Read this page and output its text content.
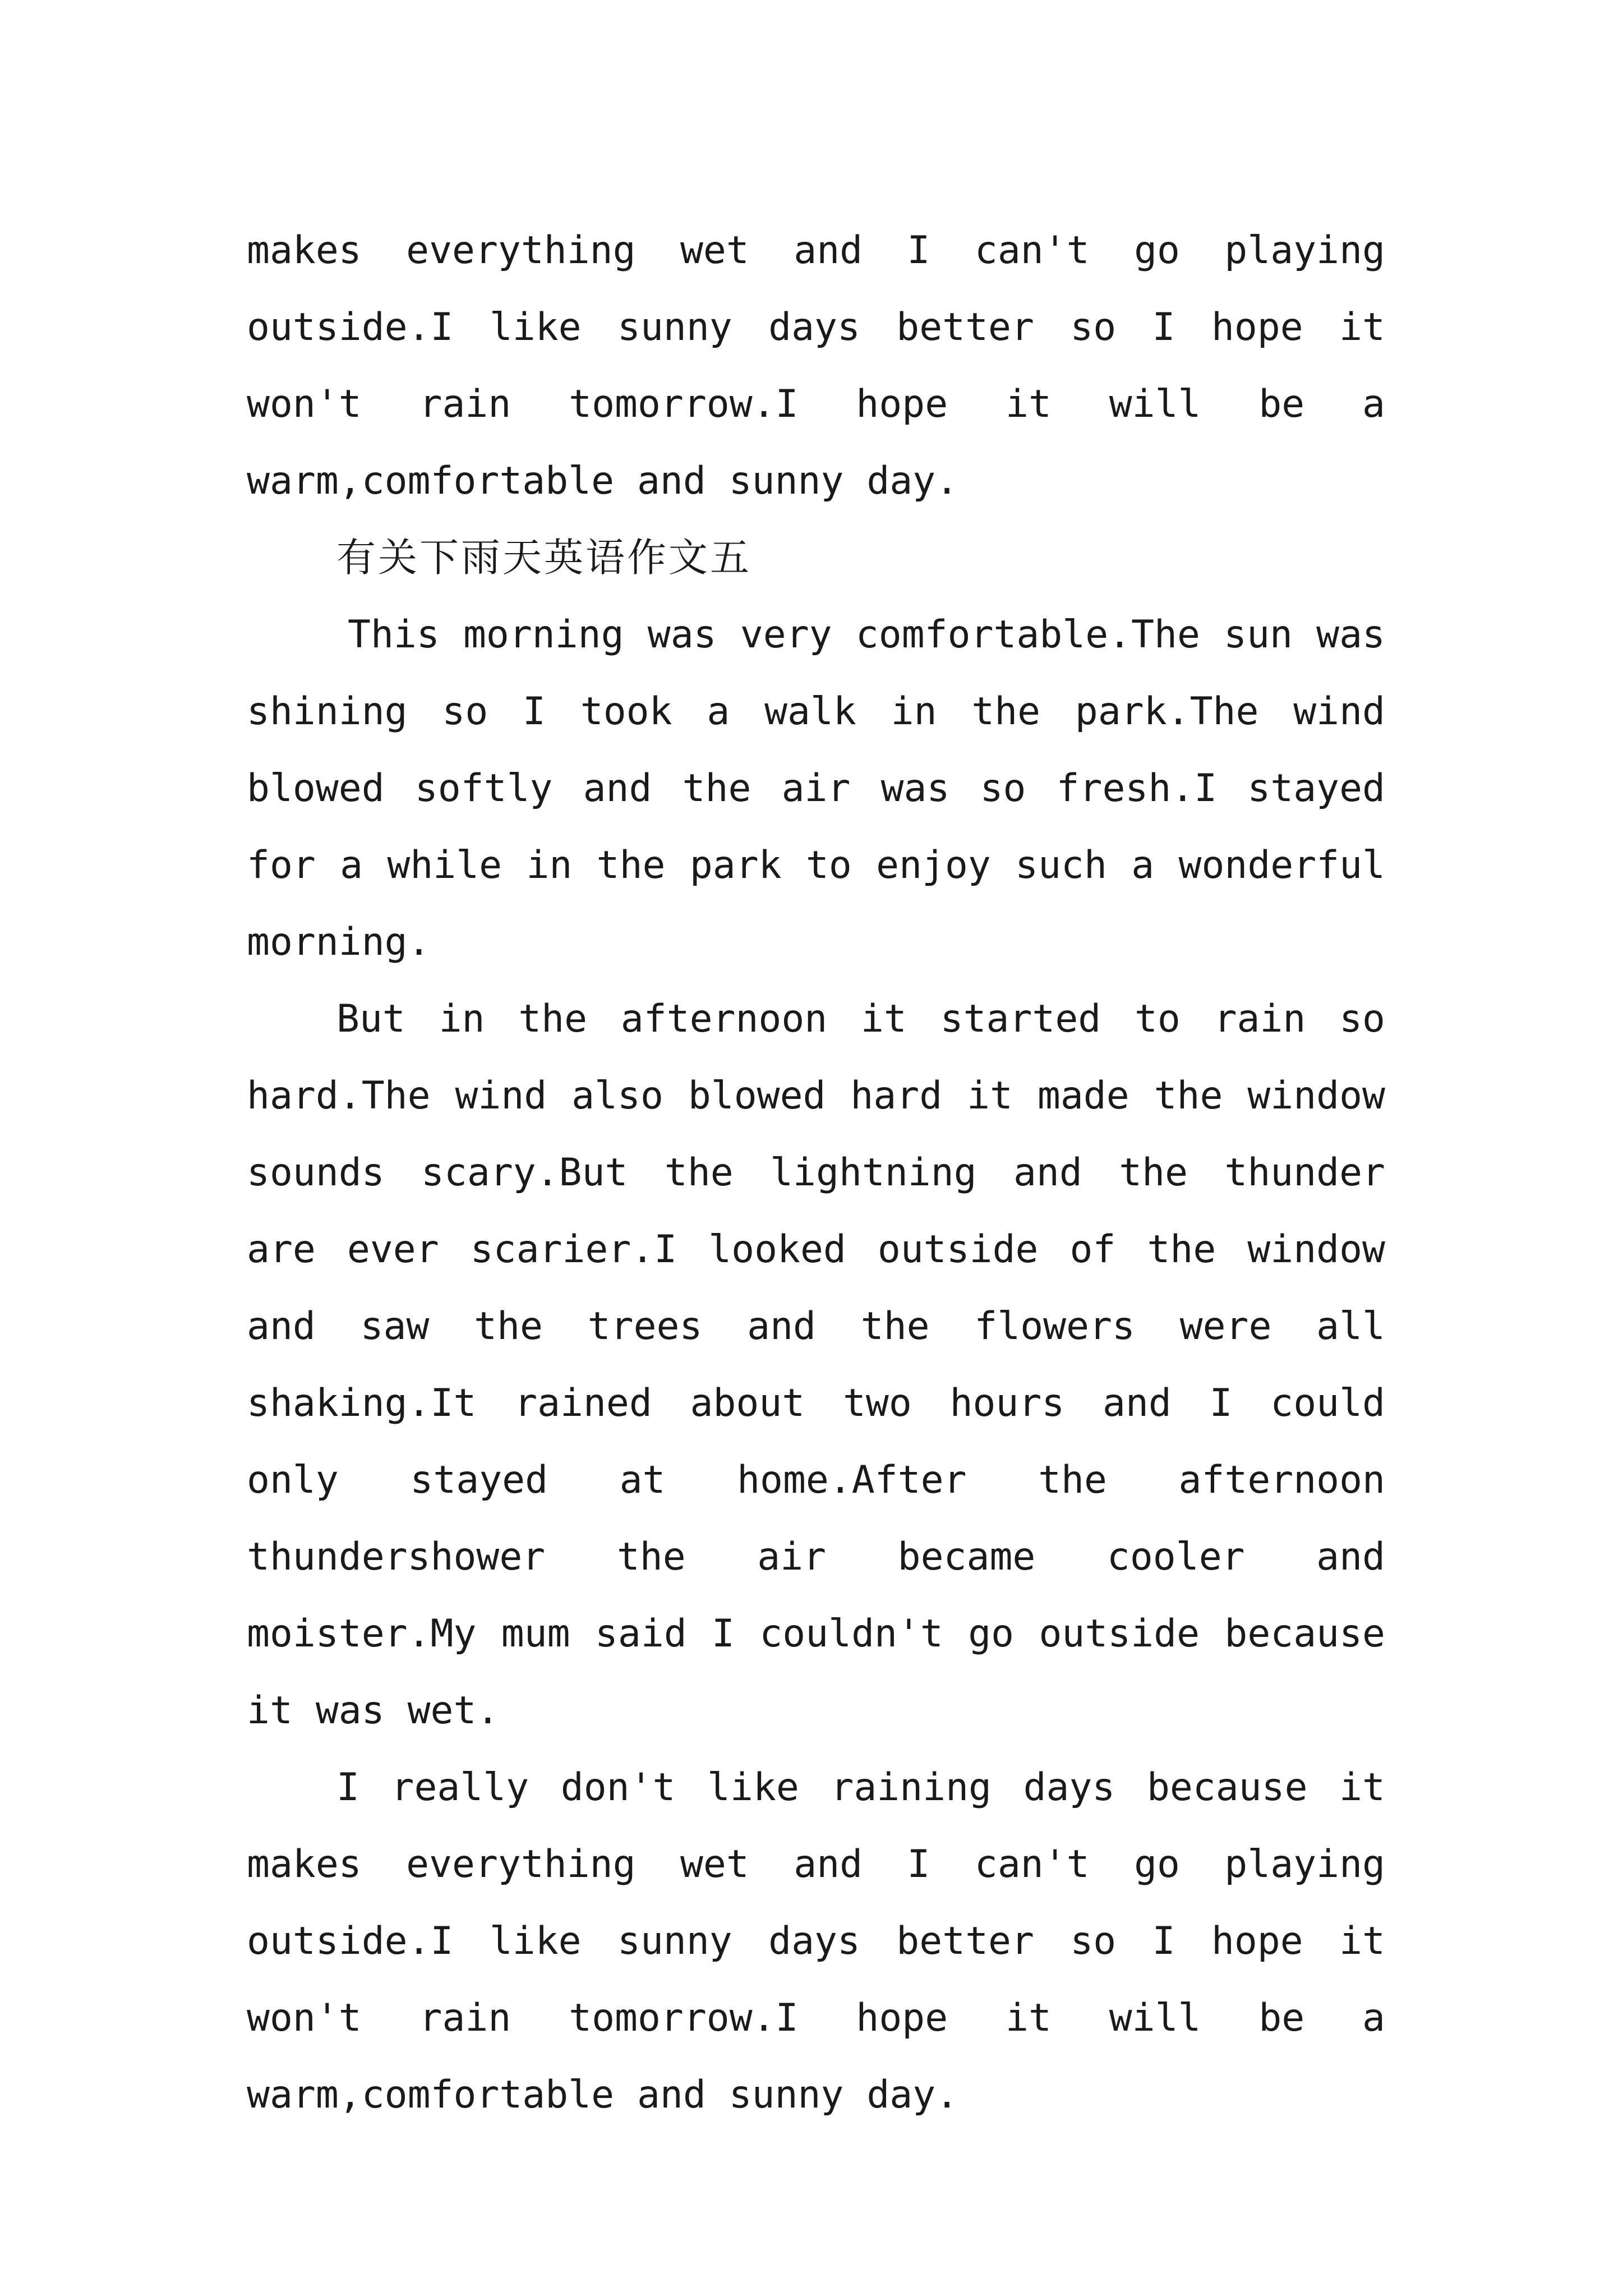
makes everything wet and I can't go playing outside.I like sunny days better so I hope it won't rain tomorrow.I hope it will be a warm,comfortable and sunny day.

有关下雨天英语作文五

This morning was very comfortable.The sun was shining so I took a walk in the park.The wind blowed softly and the air was so fresh.I stayed for a while in the park to enjoy such a wonderful morning.

But in the afternoon it started to rain so hard.The wind also blowed hard it made the window sounds scary.But the lightning and the thunder are ever scarier.I looked outside of the window and saw the trees and the flowers were all shaking.It rained about two hours and I could only stayed at home.After the afternoon thundershower the air became cooler and moister.My mum said I couldn't go outside because it was wet.

I really don't like raining days because it makes everything wet and I can't go playing outside.I like sunny days better so I hope it won't rain tomorrow.I hope it will be a warm,comfortable and sunny day.
